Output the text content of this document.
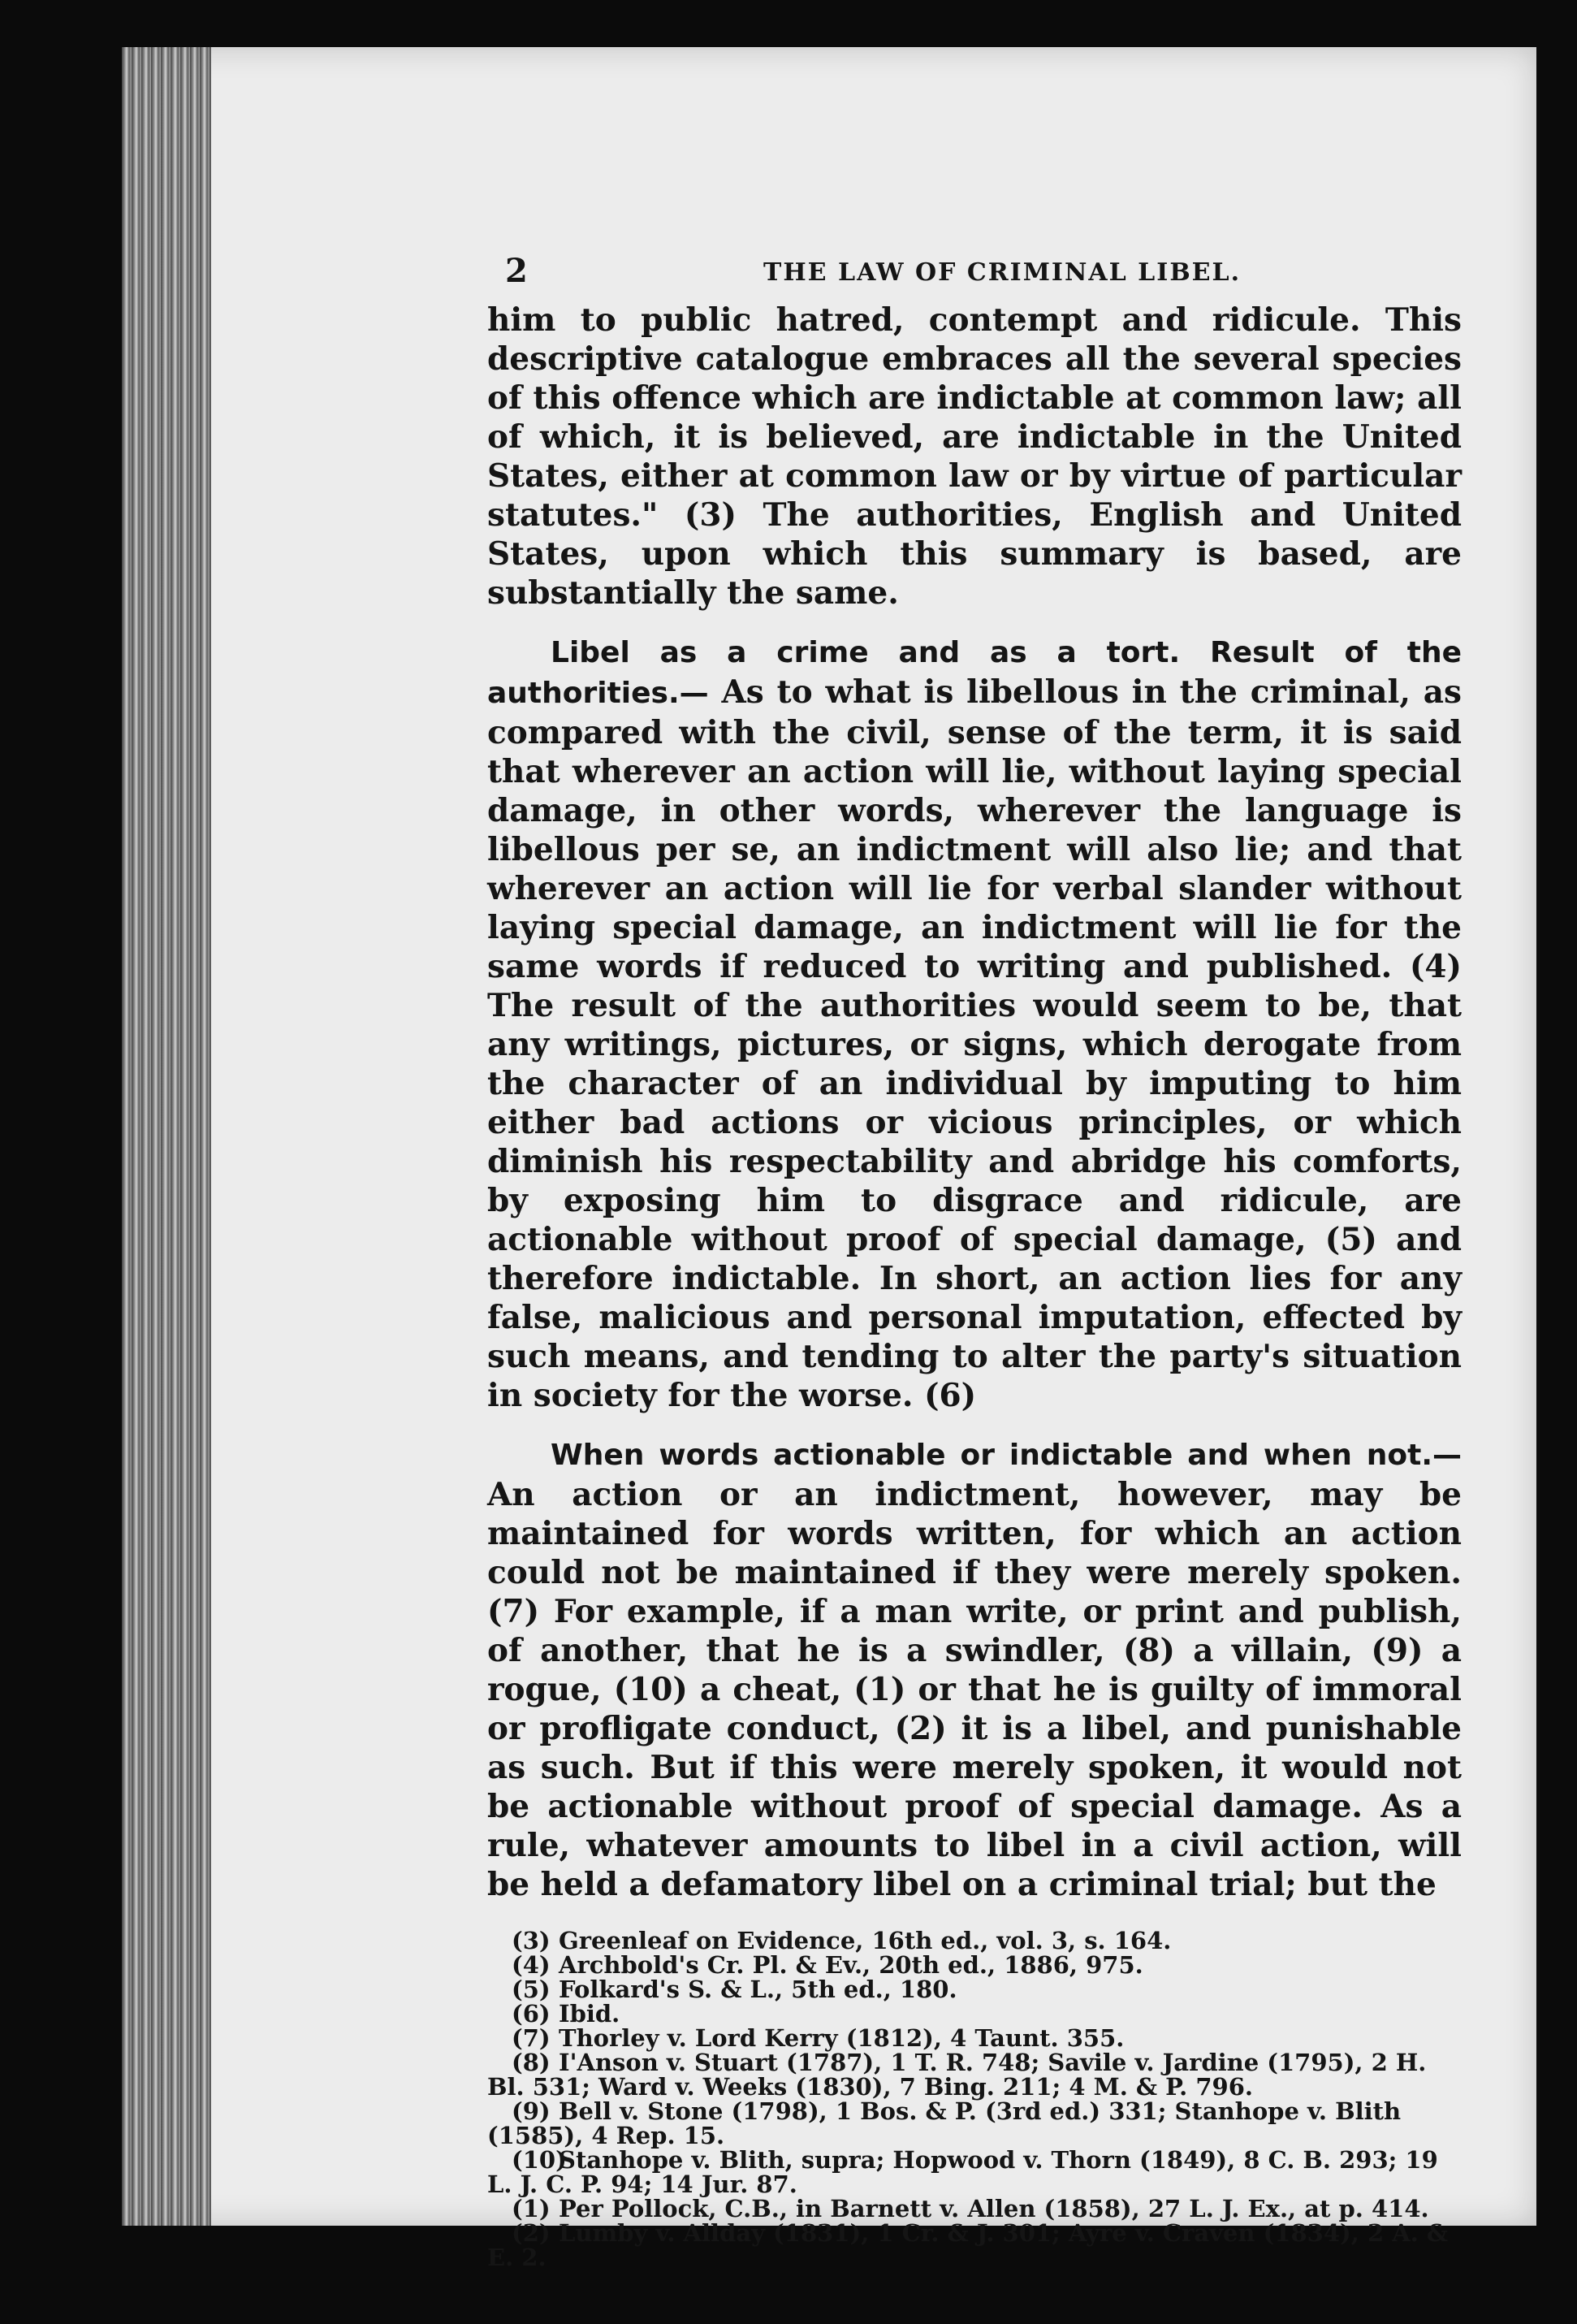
2	THE LAW OF CRIMINAL LIBEL.

him to public hatred, contempt and ridicule. This descriptive catalogue embraces all the several species of this offence which are indictable at common law; all of which, it is believed, are indictable in the United States, either at common law or by virtue of particular statutes." (3) The authorities, English and United States, upon which this summary is based, are substantially the same.

Libel as a crime and as a tort. Result of the authorities.— As to what is libellous in the criminal, as compared with the civil, sense of the term, it is said that wherever an action will lie, without laying special damage, in other words, wherever the language is libellous per se, an indictment will also lie; and that wherever an action will lie for verbal slander without laying special damage, an indictment will lie for the same words if reduced to writing and published. (4) The result of the authorities would seem to be, that any writings, pictures, or signs, which derogate from the character of an individual by imputing to him either bad actions or vicious principles, or which diminish his respectability and abridge his comforts, by exposing him to disgrace and ridicule, are actionable without proof of special damage, (5) and therefore indictable. In short, an action lies for any false, malicious and personal imputation, effected by such means, and tending to alter the party's situation in society for the worse. (6)

When words actionable or indictable and when not.— An action or an indictment, however, may be maintained for words written, for which an action could not be maintained if they were merely spoken. (7) For example, if a man write, or print and publish, of another, that he is a swindler, (8) a villain, (9) a rogue, (10) a cheat, (1) or that he is guilty of immoral or profligate conduct, (2) it is a libel, and punishable as such. But if this were merely spoken, it would not be actionable without proof of special damage. As a rule, whatever amounts to libel in a civil action, will be held a defamatory libel on a criminal trial; but the

(3) Greenleaf on Evidence, 16th ed., vol. 3, s. 164.

(4) Archbold's Cr. Pl. & Ev., 20th ed., 1886, 975.

(5) Folkard's S. & L., 5th ed., 180.

(6) Ibid.

(7) Thorley v. Lord Kerry (1812), 4 Taunt. 355.

(8) I'Anson v. Stuart (1787), 1 T. R. 748; Savile v. Jardine (1795), 2 H. Bl. 531; Ward v. Weeks (1830), 7 Bing. 211; 4 M. & P. 796.

(9) Bell v. Stone (1798), 1 Bos. & P. (3rd ed.) 331; Stanhope v. Blith (1585), 4 Rep. 15.

(10)Stanhope v. Blith, supra; Hopwood v. Thorn (1849), 8 C. B. 293; 19 L. J. C. P. 94; 14 Jur. 87.

(1) Per Pollock, C.B., in Barnett v. Allen (1858), 27 L. J. Ex., at p. 414.

(2) Lumby v. Allday (1831), 1 Cr. & J. 301; Ayre v. Craven (1834), 2 A. & E. 2.
